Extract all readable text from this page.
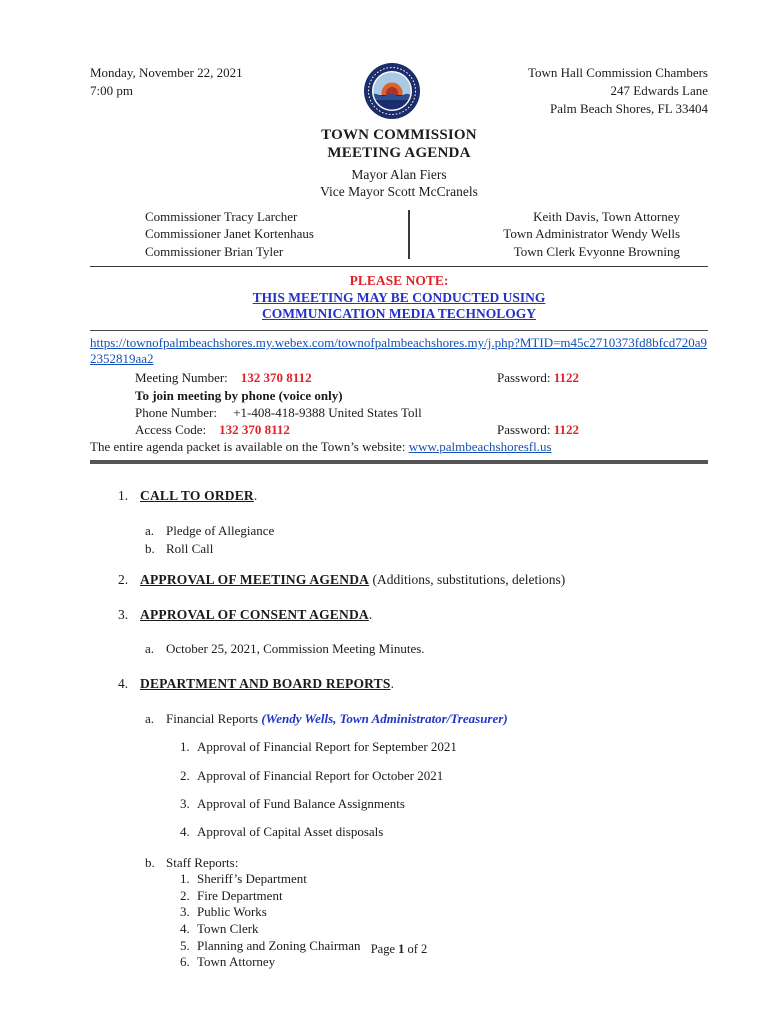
Monday, November 22, 2021
7:00 pm
Town Hall Commission Chambers
247 Edwards Lane
Palm Beach Shores, FL 33404
TOWN COMMISSION
MEETING AGENDA
Mayor Alan Fiers
Vice Mayor Scott McCranels
Commissioner Tracy Larcher
Commissioner Janet Kortenhaus
Commissioner Brian Tyler
Keith Davis, Town Attorney
Town Administrator Wendy Wells
Town Clerk Evyonne Browning
PLEASE NOTE:
THIS MEETING MAY BE CONDUCTED USING
COMMUNICATION MEDIA TECHNOLOGY
https://townofpalmbeachshores.my.webex.com/townofpalmbeachshores.my/j.php?MTID=m45c2710373fd8bfcd720a92352819aa2
Meeting Number: 132 370 8112	Password: 1122
To join meeting by phone (voice only)
Phone Number: +1-408-418-9388 United States Toll
Access Code: 132 370 8112	Password: 1122
The entire agenda packet is available on the Town’s website: www.palmbeachshoresfl.us
1. CALL TO ORDER.
a. Pledge of Allegiance
b. Roll Call
2. APPROVAL OF MEETING AGENDA (Additions, substitutions, deletions)
3. APPROVAL OF CONSENT AGENDA.
a. October 25, 2021, Commission Meeting Minutes.
4. DEPARTMENT AND BOARD REPORTS.
a. Financial Reports (Wendy Wells, Town Administrator/Treasurer)
1. Approval of Financial Report for September 2021
2. Approval of Financial Report for October 2021
3. Approval of Fund Balance Assignments
4. Approval of Capital Asset disposals
b. Staff Reports:
1. Sheriff’s Department
2. Fire Department
3. Public Works
4. Town Clerk
5. Planning and Zoning Chairman
6. Town Attorney
Page 1 of 2
